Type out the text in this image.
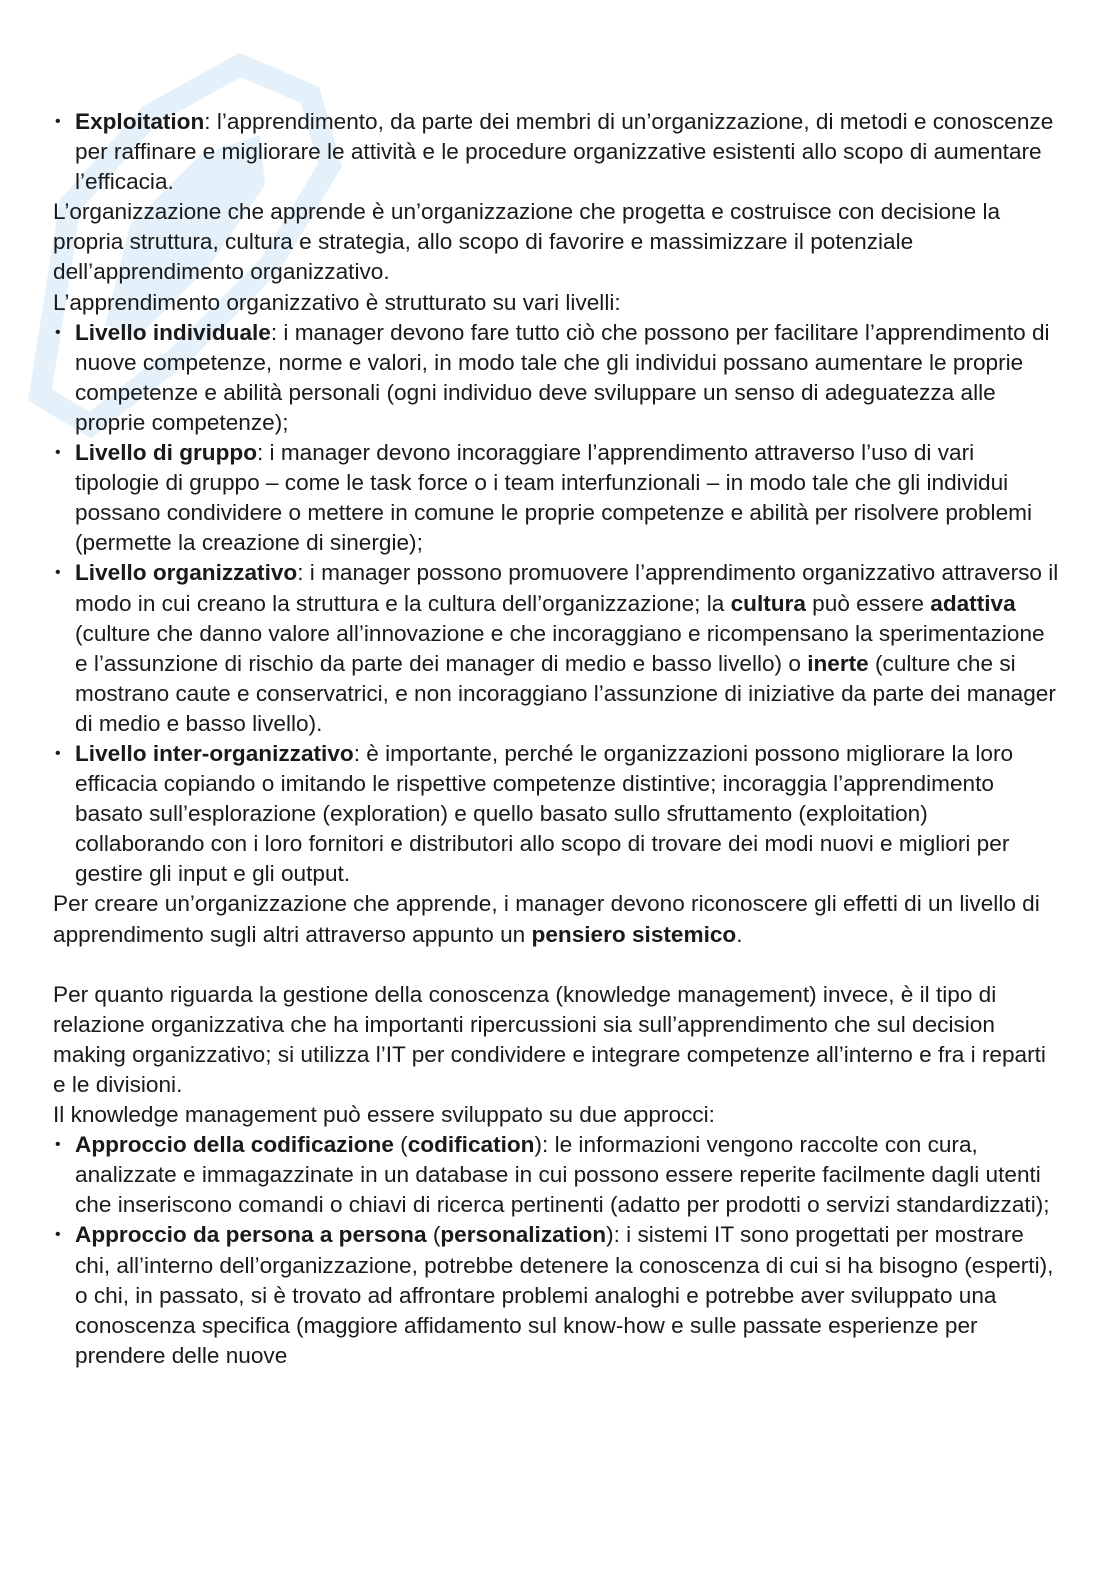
• Exploitation: l’apprendimento, da parte dei membri di un’organizzazione, di metodi e conoscenze per raffinare e migliorare le attività e le procedure organizzative esistenti allo scopo di aumentare l’efficacia.

L’organizzazione che apprende è un’organizzazione che progetta e costruisce con decisione la propria struttura, cultura e strategia, allo scopo di favorire e massimizzare il potenziale dell’apprendimento organizzativo.

L’apprendimento organizzativo è strutturato su vari livelli:

• Livello individuale: i manager devono fare tutto ciò che possono per facilitare l’apprendimento di nuove competenze, norme e valori, in modo tale che gli individui possano aumentare le proprie competenze e abilità personali (ogni individuo deve sviluppare un senso di adeguatezza alle proprie competenze);
• Livello di gruppo: i manager devono incoraggiare l’apprendimento attraverso l’uso di vari tipologie di gruppo – come le task force o i team interfunzionali – in modo tale che gli individui possano condividere o mettere in comune le proprie competenze e abilità per risolvere problemi (permette la creazione di sinergie);
• Livello organizzativo: i manager possono promuovere l’apprendimento organizzativo attraverso il modo in cui creano la struttura e la cultura dell’organizzazione; la cultura può essere adattiva (culture che danno valore all’innovazione e che incoraggiano e ricompensano la sperimentazione e l’assunzione di rischio da parte dei manager di medio e basso livello) o inerte (culture che si mostrano caute e conservatrici, e non incoraggiano l’assunzione di iniziative da parte dei manager di medio e basso livello).
• Livello inter-organizzativo: è importante, perché le organizzazioni possono migliorare la loro efficacia copiando o imitando le rispettive competenze distintive; incoraggia l’apprendimento basato sull’esplorazione (exploration) e quello basato sullo sfruttamento (exploitation) collaborando con i loro fornitori e distributori allo scopo di trovare dei modi nuovi e migliori per gestire gli input e gli output.

Per creare un’organizzazione che apprende, i manager devono riconoscere gli effetti di un livello di apprendimento sugli altri attraverso appunto un pensiero sistemico.

Per quanto riguarda la gestione della conoscenza (knowledge management) invece, è il tipo di relazione organizzativa che ha importanti ripercussioni sia sull’apprendimento che sul decision making organizzativo; si utilizza l’IT per condividere e integrare competenze all’interno e fra i reparti e le divisioni.

Il knowledge management può essere sviluppato su due approcci:

• Approccio della codificazione (codification): le informazioni vengono raccolte con cura, analizzate e immagazzinate in un database in cui possono essere reperite facilmente dagli utenti che inseriscono comandi o chiavi di ricerca pertinenti (adatto per prodotti o servizi standardizzati);
• Approccio da persona a persona (personalization): i sistemi IT sono progettati per mostrare chi, all’interno dell’organizzazione, potrebbe detenere la conoscenza di cui si ha bisogno (esperti), o chi, in passato, si è trovato ad affrontare problemi analoghi e potrebbe aver sviluppato una conoscenza specifica (maggiore affidamento sul know-how e sulle passate esperienze per prendere delle nuove
